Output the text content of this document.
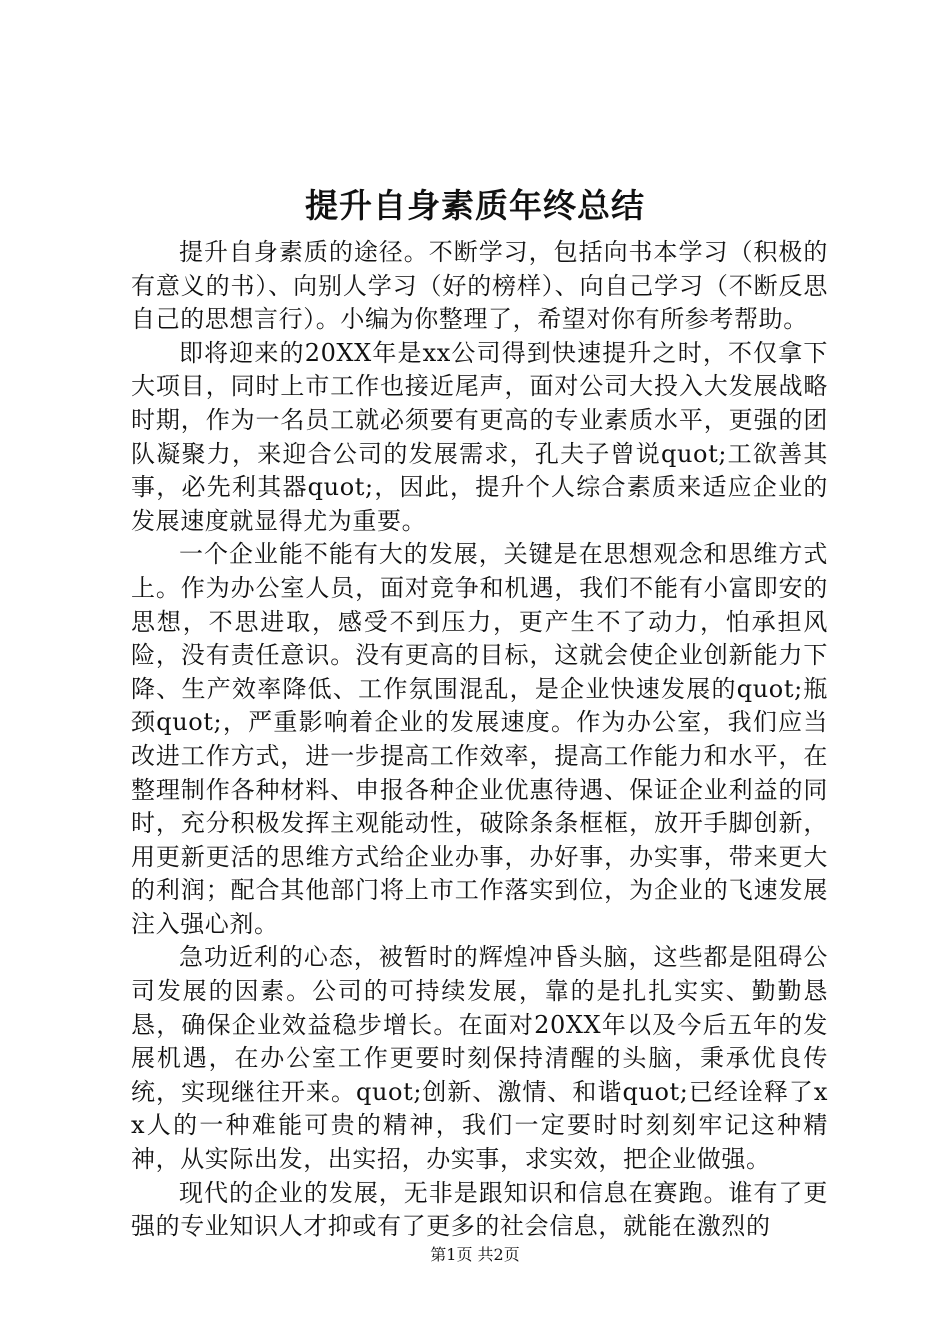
提升自身素质年终总结

提升自身素质的途径。不断学习，包括向书本学习（积极的有意义的书）、向别人学习（好的榜样）、向自己学习（不断反思自己的思想言行）。小编为你整理了，希望对你有所参考帮助。

即将迎来的20XX年是xx公司得到快速提升之时，不仅拿下大项目，同时上市工作也接近尾声，面对公司大投入大发展战略时期，作为一名员工就必须要有更高的专业素质水平，更强的团队凝聚力，来迎合公司的发展需求，孔夫子曾说quot;工欲善其事，必先利其器quot;，因此，提升个人综合素质来适应企业的发展速度就显得尤为重要。

一个企业能不能有大的发展，关键是在思想观念和思维方式上。作为办公室人员，面对竞争和机遇，我们不能有小富即安的思想，不思进取，感受不到压力，更产生不了动力，怕承担风险，没有责任意识。没有更高的目标，这就会使企业创新能力下降、生产效率降低、工作氛围混乱，是企业快速发展的quot;瓶颈quot;，严重影响着企业的发展速度。作为办公室，我们应当改进工作方式，进一步提高工作效率，提高工作能力和水平，在整理制作各种材料、申报各种企业优惠待遇、保证企业利益的同时，充分积极发挥主观能动性，破除条条框框，放开手脚创新，用更新更活的思维方式给企业办事，办好事，办实事，带来更大的利润；配合其他部门将上市工作落实到位，为企业的飞速发展注入强心剂。

急功近利的心态，被暂时的辉煌冲昏头脑，这些都是阻碍公司发展的因素。公司的可持续发展，靠的是扎扎实实、勤勤恳恳，确保企业效益稳步增长。在面对20XX年以及今后五年的发展机遇，在办公室工作更要时刻保持清醒的头脑，秉承优良传统，实现继往开来。quot;创新、激情、和谐quot;已经诠释了xx人的一种难能可贵的精神，我们一定要时时刻刻牢记这种精神，从实际出发，出实招，办实事，求实效，把企业做强。

现代的企业的发展，无非是跟知识和信息在赛跑。谁有了更强的专业知识人才抑或有了更多的社会信息，就能在激烈的

第1页 共2页
